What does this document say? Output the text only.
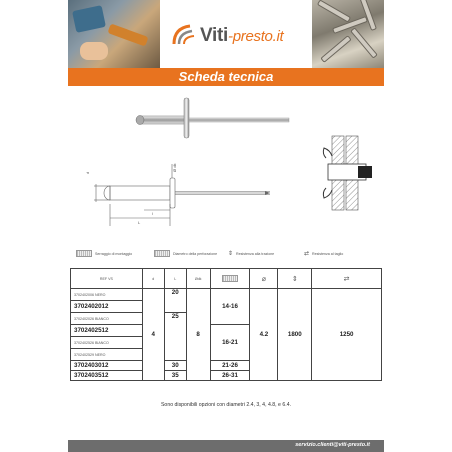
Viti-presto.it
Scheda tecnica
d
Ø dk
l
L
Serraggio di montaggio	Diametro della perforazione ⇕ Resistenza alla trazione	⇄ Resistenza al taglio
REF VS	d	L	Ødk		⌀	⇕	⇄
3702402006 NERO	4	20	8	14-16	4.2	1800	1250
3702402012							
3702402026 BIANCO		25					
3702402512				16-21			
3702402526 BIANCO							
3702402529 NERO							
3702403012		30		21-26			
3702403512		35		26-31			
Sono disponibili opzioni con diametri 2.4, 3, 4, 4.8, e 6.4.
servizio.clienti@viti-presto.it
